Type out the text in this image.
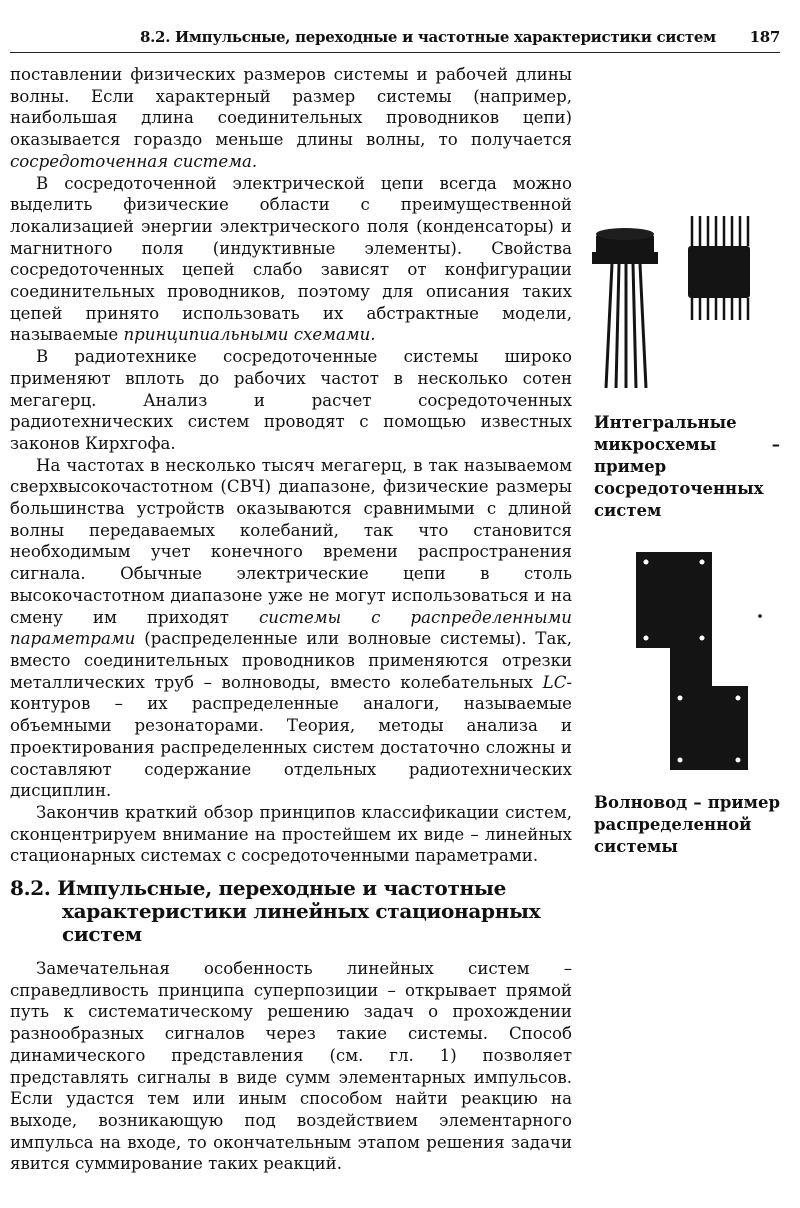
8.2. Импульсные, переходные и частотные характеристики систем 187

поставлении физических размеров системы и рабочей длины волны. Если характерный размер системы (например, наибольшая длина соединительных проводников цепи) оказывается гораздо меньше длины волны, то получается сосредоточенная система.

В сосредоточенной электрической цепи всегда можно выделить физические области с преимущественной локализацией энергии электрического поля (конденсаторы) и магнитного поля (индуктивные элементы). Свойства сосредоточенных цепей слабо зависят от конфигурации соединительных проводников, поэтому для описания таких цепей принято использовать их абстрактные модели, называемые принципиальными схемами.

В радиотехнике сосредоточенные системы широко применяют вплоть до рабочих частот в несколько сотен мегагерц. Анализ и расчет сосредоточенных радиотехнических систем проводят с помощью известных законов Кирхгофа.

На частотах в несколько тысяч мегагерц, в так называемом сверхвысокочастотном (СВЧ) диапазоне, физические размеры большинства устройств оказываются сравнимыми с длиной волны передаваемых колебаний, так что становится необходимым учет конечного времени распространения сигнала. Обычные электрические цепи в столь высокочастотном диапазоне уже не могут использоваться и на смену им приходят системы с распределенными параметрами (распределенные или волновые системы). Так, вместо соединительных проводников применяются отрезки металлических труб – волноводы, вместо колебательных LC-контуров – их распределенные аналоги, называемые объемными резонаторами. Теория, методы анализа и проектирования распределенных систем достаточно сложны и составляют содержание отдельных радиотехнических дисциплин.

Закончив краткий обзор принципов классификации систем, сконцентрируем внимание на простейшем их виде – линейных стационарных системах с сосредоточенными параметрами.

8.2. Импульсные, переходные и частотные характеристики линейных стационарных систем

Замечательная особенность линейных систем – справедливость принципа суперпозиции – открывает прямой путь к систематическому решению задач о прохождении разнообразных сигналов через такие системы. Способ динамического представления (см. гл. 1) позволяет представлять сигналы в виде сумм элементарных импульсов. Если удастся тем или иным способом найти реакцию на выходе, возникающую под воздействием элементарного импульса на входе, то окончательным этапом решения задачи явится суммирование таких реакций.

Интегральные микросхемы – пример сосредоточенных систем
Волновод – пример распределенной системы
